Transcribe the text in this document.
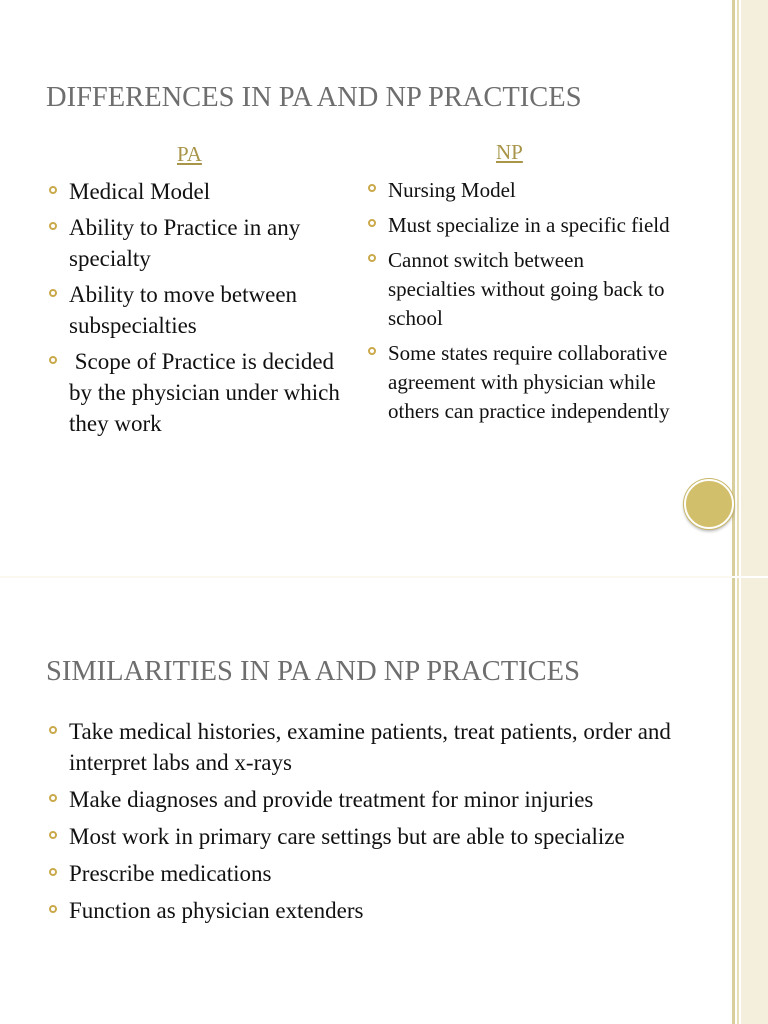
DIFFERENCES IN PA AND NP PRACTICES
PA	NP
Medical Model
Ability to Practice in any specialty
Ability to move between subspecialties
Scope of Practice is decided by the physician under which they work
Nursing Model
Must specialize in a specific field
Cannot switch between specialties without going back to school
Some states require collaborative agreement with physician while others can practice independently
SIMILARITIES IN PA AND NP PRACTICES
Take medical histories, examine patients, treat patients, order and interpret labs and x-rays
Make diagnoses and provide treatment for minor injuries
Most work in primary care settings but are able to specialize
Prescribe medications
Function as physician extenders
